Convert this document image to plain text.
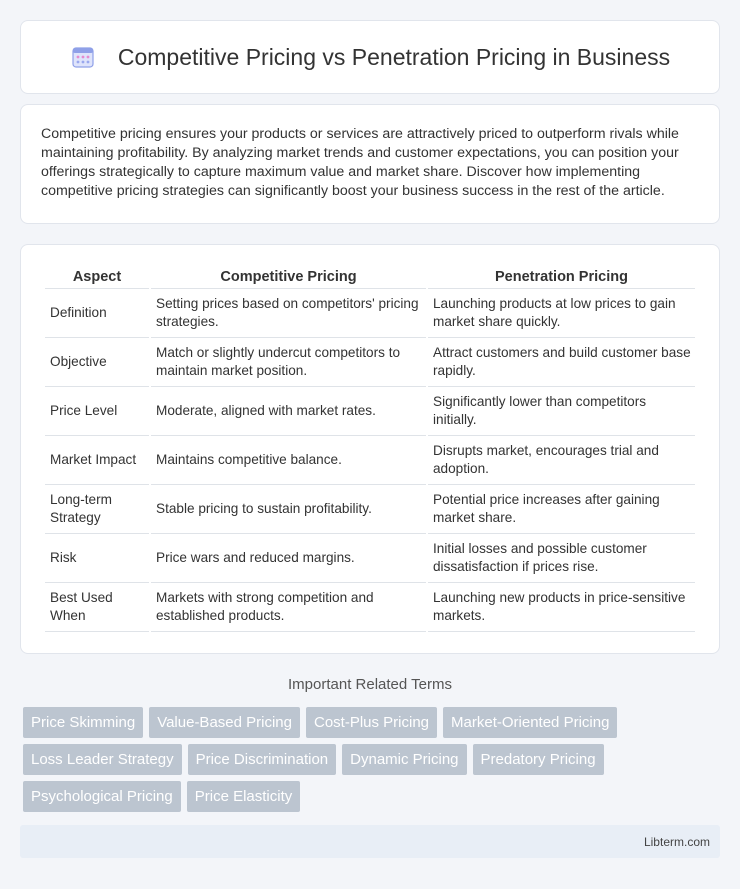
Competitive Pricing vs Penetration Pricing in Business

Competitive pricing ensures your products or services are attractively priced to outperform rivals while maintaining profitability. By analyzing market trends and customer expectations, you can position your offerings strategically to capture maximum value and market share. Discover how implementing competitive pricing strategies can significantly boost your business success in the rest of the article.

Aspect	Competitive Pricing	Penetration Pricing
Definition	Setting prices based on competitors' pricing strategies.	Launching products at low prices to gain market share quickly.
Objective	Match or slightly undercut competitors to maintain market position.	Attract customers and build customer base rapidly.
Price Level	Moderate, aligned with market rates.	Significantly lower than competitors initially.
Market Impact	Maintains competitive balance.	Disrupts market, encourages trial and adoption.
Long-term Strategy	Stable pricing to sustain profitability.	Potential price increases after gaining market share.
Risk	Price wars and reduced margins.	Initial losses and possible customer dissatisfaction if prices rise.
Best Used When	Markets with strong competition and established products.	Launching new products in price-sensitive markets.
Important Related Terms
Price Skimming	Value-Based Pricing	Cost-Plus Pricing	Market-Oriented Pricing
Loss Leader Strategy	Price Discrimination	Dynamic Pricing	Predatory Pricing
Psychological Pricing	Price Elasticity
Libterm.com
